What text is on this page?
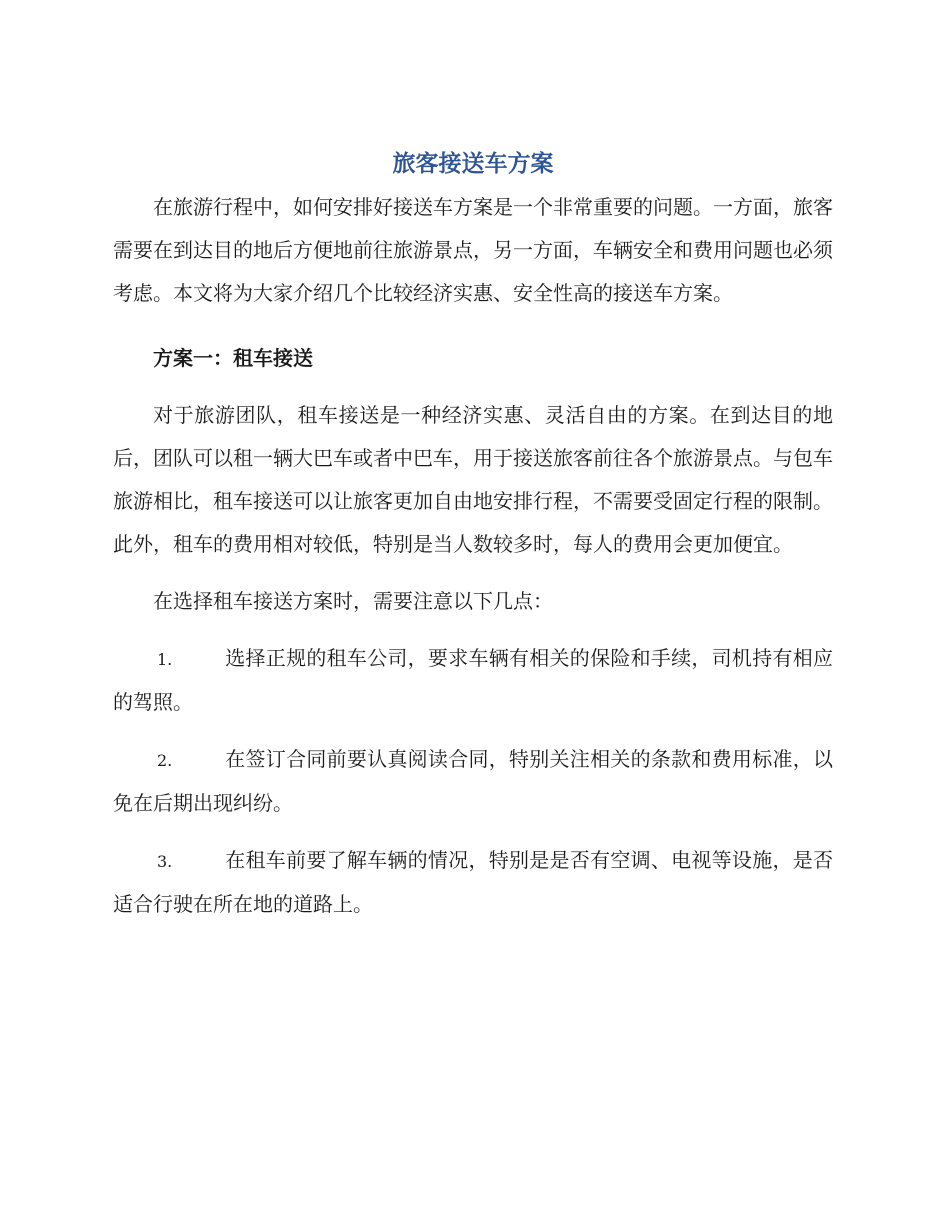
旅客接送车方案

在旅游行程中，如何安排好接送车方案是一个非常重要的问题。一方面，旅客需要在到达目的地后方便地前往旅游景点，另一方面，车辆安全和费用问题也必须考虑。本文将为大家介绍几个比较经济实惠、安全性高的接送车方案。

方案一：租车接送

对于旅游团队，租车接送是一种经济实惠、灵活自由的方案。在到达目的地后，团队可以租一辆大巴车或者中巴车，用于接送旅客前往各个旅游景点。与包车旅游相比，租车接送可以让旅客更加自由地安排行程，不需要受固定行程的限制。此外，租车的费用相对较低，特别是当人数较多时，每人的费用会更加便宜。

在选择租车接送方案时，需要注意以下几点：

1.	选择正规的租车公司，要求车辆有相关的保险和手续，司机持有相应的驾照。

2.	在签订合同前要认真阅读合同，特别关注相关的条款和费用标准，以免在后期出现纠纷。

3.	在租车前要了解车辆的情况，特别是是否有空调、电视等设施，是否适合行驶在所在地的道路上。
